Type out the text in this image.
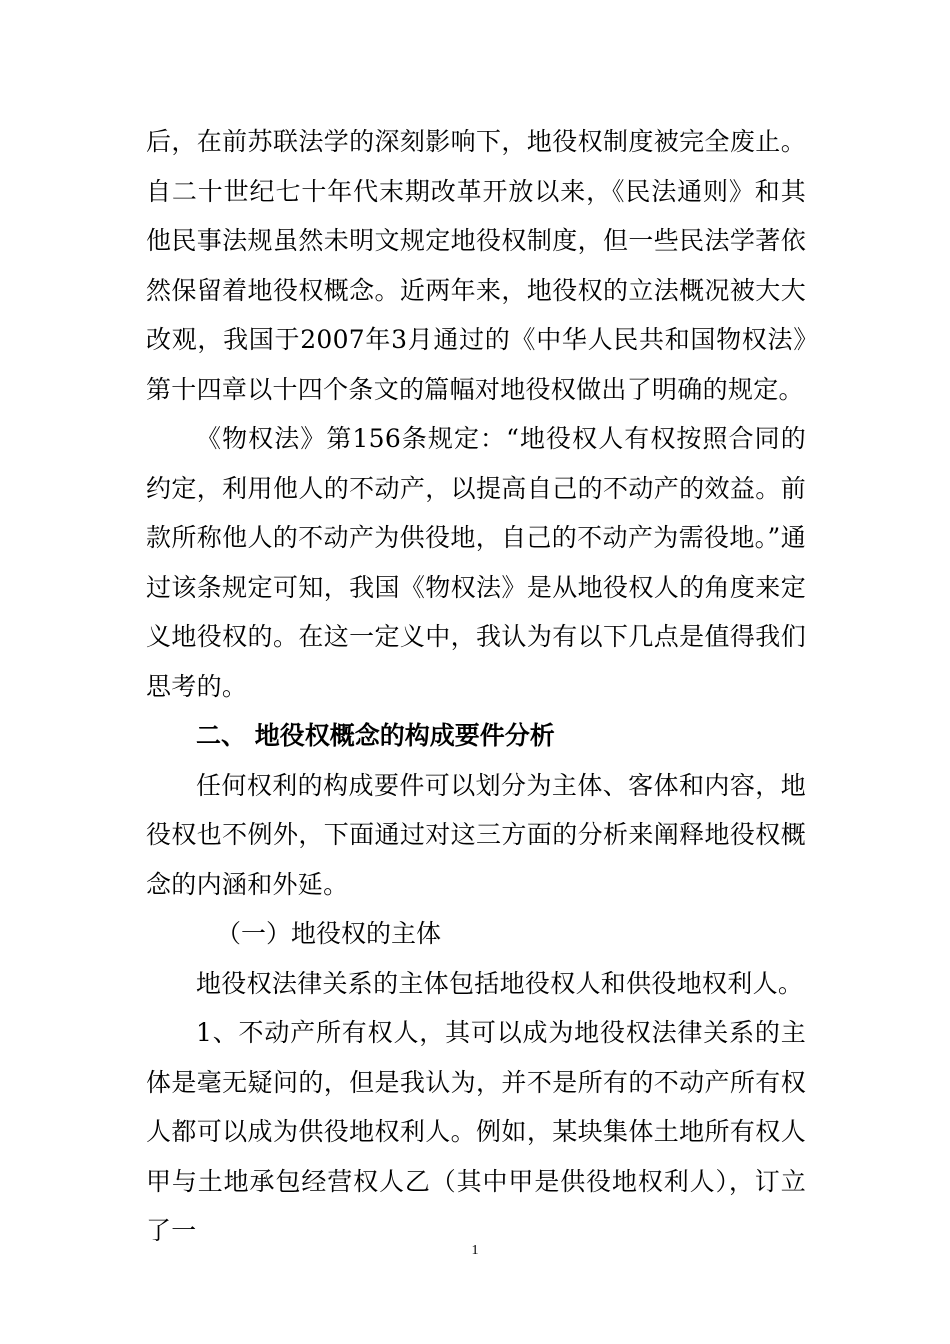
后，在前苏联法学的深刻影响下，地役权制度被完全废止。自二十世纪七十年代末期改革开放以来，《民法通则》和其他民事法规虽然未明文规定地役权制度，但一些民法学著依然保留着地役权概念。近两年来，地役权的立法概况被大大改观，我国于2007年3月通过的《中华人民共和国物权法》第十四章以十四个条文的篇幅对地役权做出了明确的规定。

《物权法》第156条规定：“地役权人有权按照合同的约定，利用他人的不动产，以提高自己的不动产的效益。前款所称他人的不动产为供役地，自己的不动产为需役地。”通过该条规定可知，我国《物权法》是从地役权人的角度来定义地役权的。在这一定义中，我认为有以下几点是值得我们思考的。

二、 地役权概念的构成要件分析

任何权利的构成要件可以划分为主体、客体和内容，地役权也不例外，下面通过对这三方面的分析来阐释地役权概念的内涵和外延。

（一）地役权的主体

地役权法律关系的主体包括地役权人和供役地权利人。

1、不动产所有权人，其可以成为地役权法律关系的主体是毫无疑问的，但是我认为，并不是所有的不动产所有权人都可以成为供役地权利人。例如，某块集体土地所有权人甲与土地承包经营权人乙（其中甲是供役地权利人），订立了一

1
